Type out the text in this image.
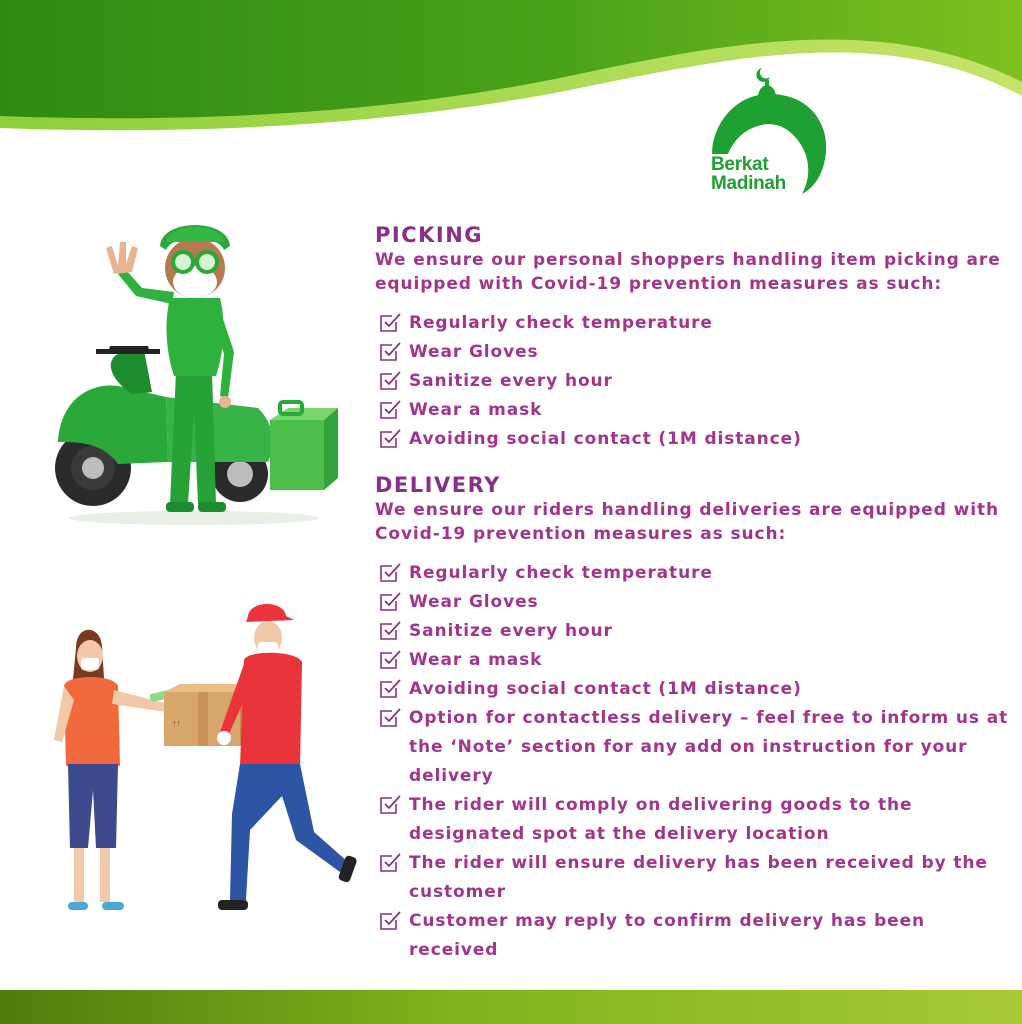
Berkat
Madinah
↑↑
PICKING

We ensure our personal shoppers handling item picking are equipped with Covid-19 prevention measures as such:

Regularly check temperature
Wear Gloves
Sanitize every hour
Wear a mask
Avoiding social contact (1M distance)
DELIVERY

We ensure our riders handling deliveries are equipped with Covid-19 prevention measures as such:

Regularly check temperature
Wear Gloves
Sanitize every hour
Wear a mask
Avoiding social contact (1M distance)
Option for contactless delivery – feel free to inform us at the ‘Note’ section for any add on instruction for your delivery
The rider will comply on delivering goods to the designated spot at the delivery location
The rider will ensure delivery has been received by the customer
Customer may reply to confirm delivery has been received
